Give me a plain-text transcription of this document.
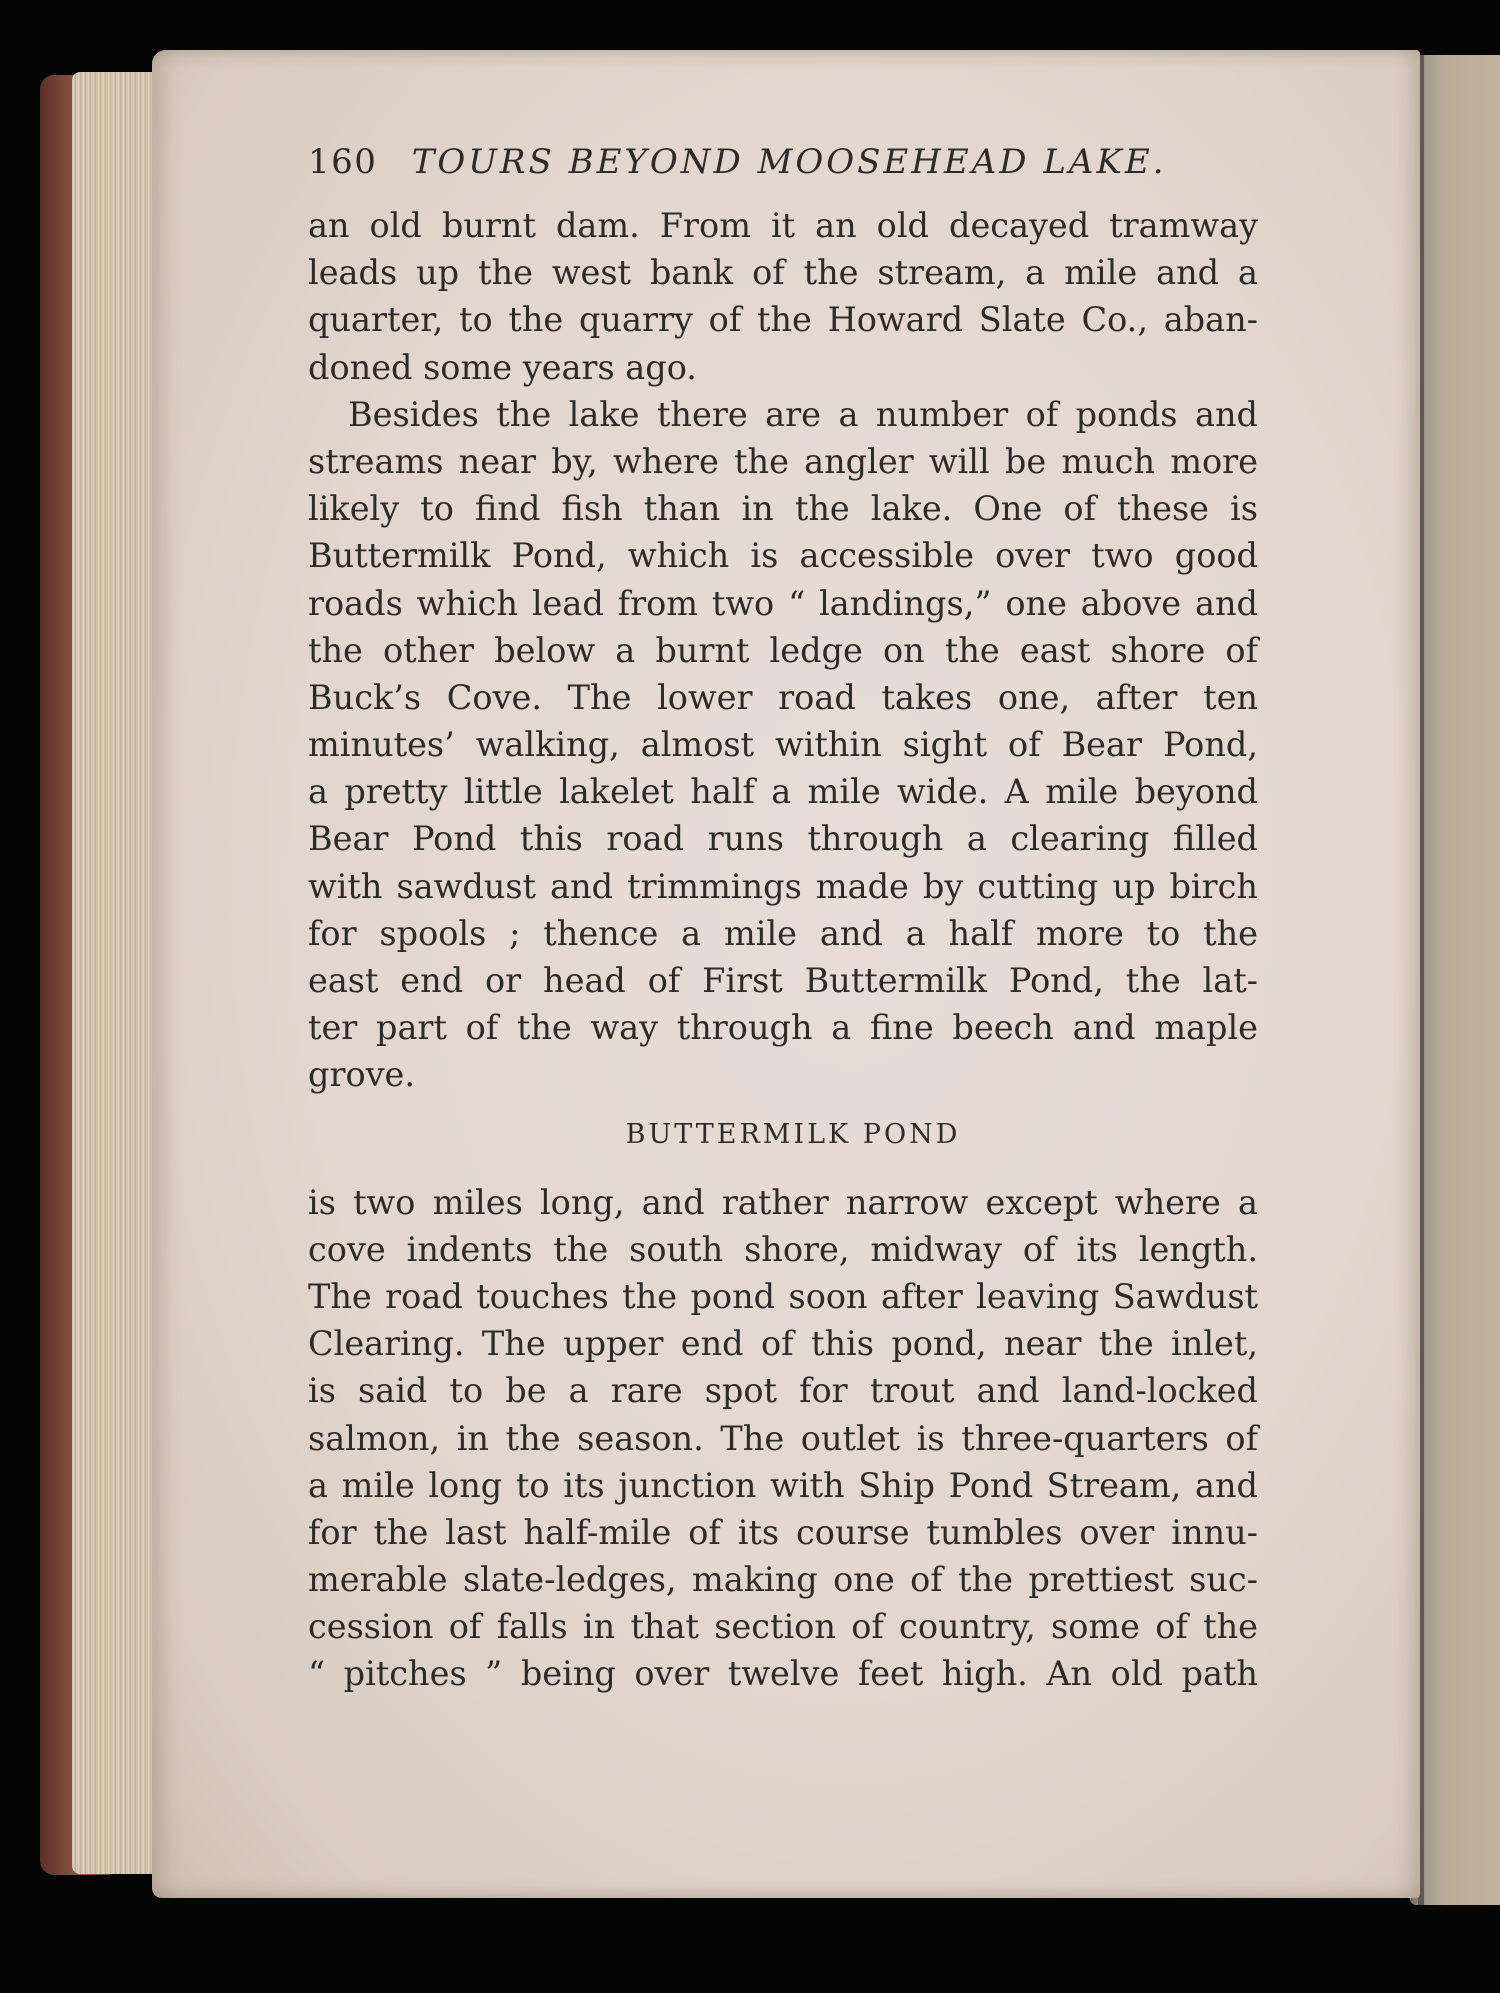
160 TOURS BEYOND MOOSEHEAD LAKE.
an old burnt dam. From it an old decayed tramway
leads up the west bank of the stream, a mile and a
quarter, to the quarry of the Howard Slate Co., aban-
doned some years ago.
Besides the lake there are a number of ponds and
streams near by, where the angler will be much more
likely to find fish than in the lake. One of these is
Buttermilk Pond, which is accessible over two good
roads which lead from two “ landings,” one above and
the other below a burnt ledge on the east shore of
Buck’s Cove. The lower road takes one, after ten
minutes’ walking, almost within sight of Bear Pond,
a pretty little lakelet half a mile wide. A mile beyond
Bear Pond this road runs through a clearing filled
with sawdust and trimmings made by cutting up birch
for spools ; thence a mile and a half more to the
east end or head of First Buttermilk Pond, the lat-
ter part of the way through a fine beech and maple
grove.
BUTTERMILK POND
is two miles long, and rather narrow except where a
cove indents the south shore, midway of its length.
The road touches the pond soon after leaving Sawdust
Clearing. The upper end of this pond, near the inlet,
is said to be a rare spot for trout and land-locked
salmon, in the season. The outlet is three-quarters of
a mile long to its junction with Ship Pond Stream, and
for the last half-mile of its course tumbles over innu-
merable slate-ledges, making one of the prettiest suc-
cession of falls in that section of country, some of the
“ pitches ” being over twelve feet high. An old path
